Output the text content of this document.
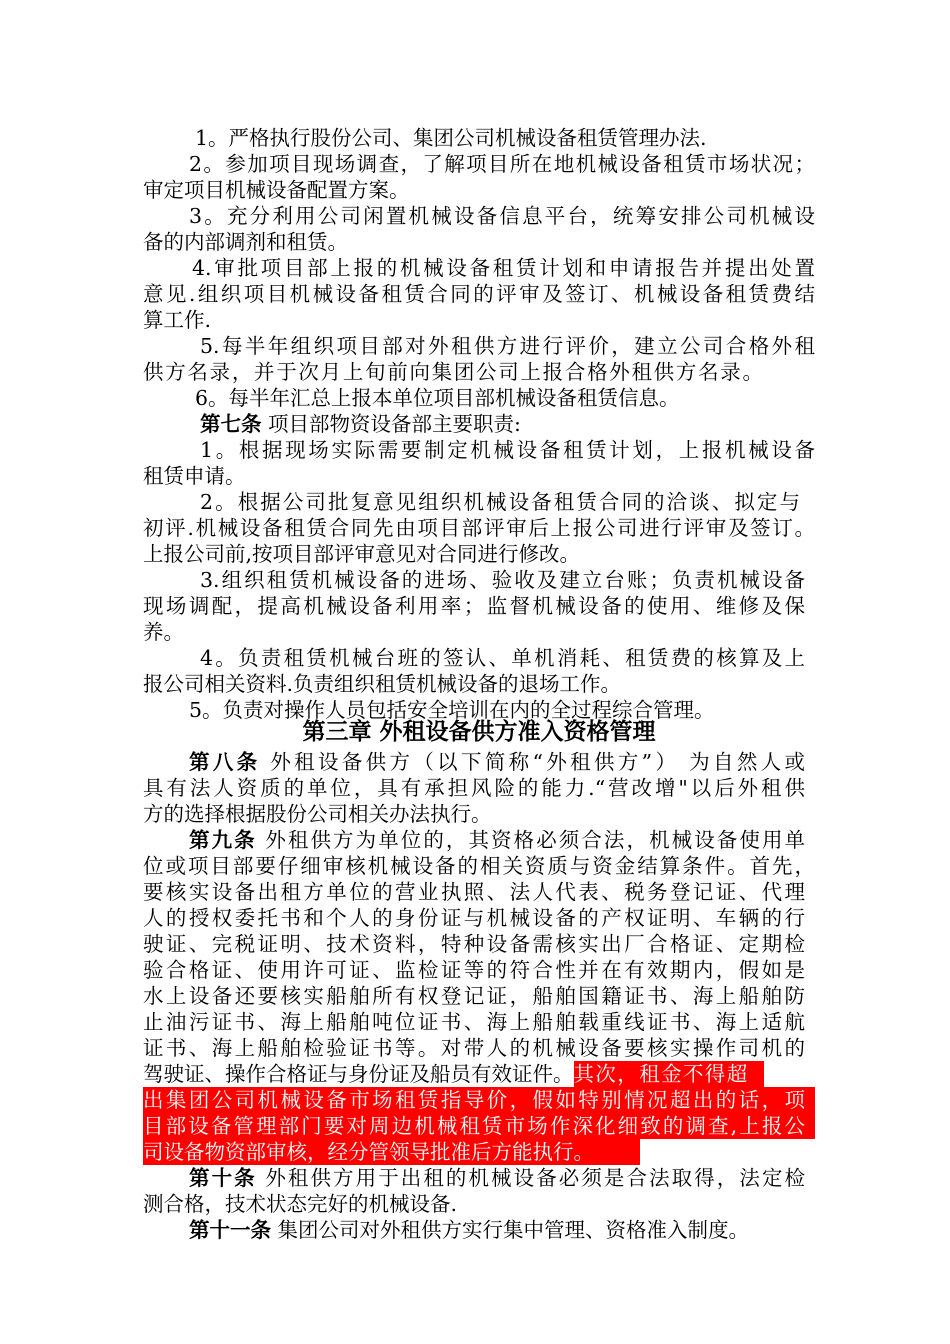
1。严格执行股份公司、集团公司机械设备租赁管理办法.
2。参加项目现场调查，了解项目所在地机械设备租赁市场状况；
审定项目机械设备配置方案。
3。充分利用公司闲置机械设备信息平台，统筹安排公司机械设
备的内部调剂和租赁。
4.审批项目部上报的机械设备租赁计划和申请报告并提出处置
意见.组织项目机械设备租赁合同的评审及签订、机械设备租赁费结
算工作.
5.每半年组织项目部对外租供方进行评价，建立公司合格外租
供方名录，并于次月上旬前向集团公司上报合格外租供方名录。
6。每半年汇总上报本单位项目部机械设备租赁信息。
第七条 项目部物资设备部主要职责:
1。根据现场实际需要制定机械设备租赁计划，上报机械设备
租赁申请。
2。根据公司批复意见组织机械设备租赁合同的洽谈、拟定与
初评.机械设备租赁合同先由项目部评审后上报公司进行评审及签订。
上报公司前,按项目部评审意见对合同进行修改。
3.组织租赁机械设备的进场、验收及建立台账；负责机械设备
现场调配，提高机械设备利用率；监督机械设备的使用、维修及保
养。
4。负责租赁机械台班的签认、单机消耗、租赁费的核算及上
报公司相关资料.负责组织租赁机械设备的退场工作。
5。负责对操作人员包括安全培训在内的全过程综合管理。
第三章 外租设备供方准入资格管理
第八条 外租设备供方（以下简称“外租供方”） 为自然人或
具有法人资质的单位，具有承担风险的能力.“营改增"以后外租供
方的选择根据股份公司相关办法执行。
第九条 外租供方为单位的，其资格必须合法，机械设备使用单
位或项目部要仔细审核机械设备的相关资质与资金结算条件。首先，
要核实设备出租方单位的营业执照、法人代表、税务登记证、代理
人的授权委托书和个人的身份证与机械设备的产权证明、车辆的行
驶证、完税证明、技术资料，特种设备需核实出厂合格证、定期检
验合格证、使用许可证、监检证等的符合性并在有效期内，假如是
水上设备还要核实船舶所有权登记证，船舶国籍证书、海上船舶防
止油污证书、海上船舶吨位证书、海上船舶载重线证书、海上适航
证书、海上船舶检验证书等。对带人的机械设备要核实操作司机的
驾驶证、操作合格证与身份证及船员有效证件。其次，租金不得超
出集团公司机械设备市场租赁指导价，假如特别情况超出的话，项
目部设备管理部门要对周边机械租赁市场作深化细致的调查,上报公
司设备物资部审核，经分管领导批准后方能执行。
第十条 外租供方用于出租的机械设备必须是合法取得，法定检
测合格，技术状态完好的机械设备.
第十一条 集团公司对外租供方实行集中管理、资格准入制度。
